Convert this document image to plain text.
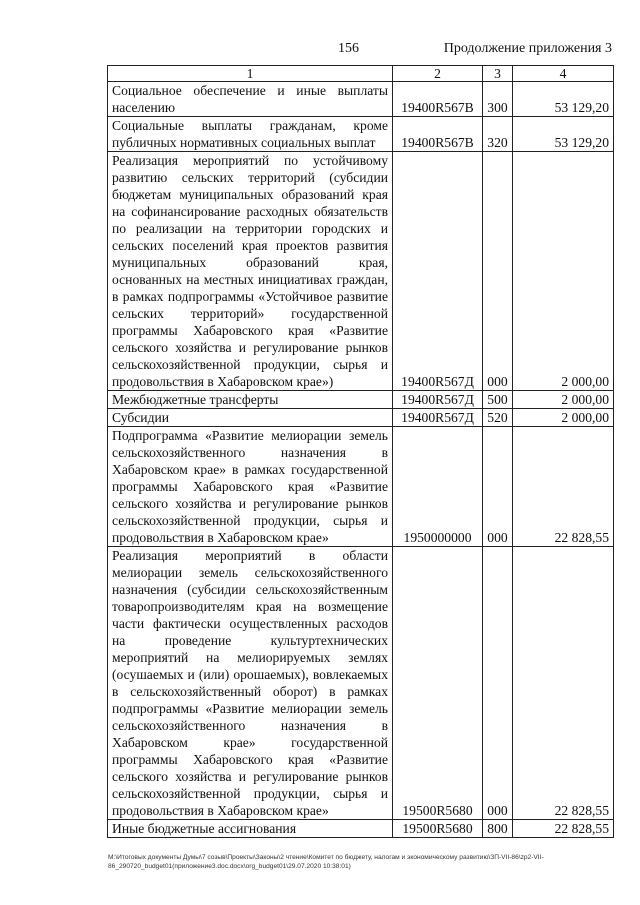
156	Продолжение приложения 3
1	2	3	4
Социальное обеспечение и иные выплаты населению	19400R567В	300	53 129,20
Социальные выплаты гражданам, кроме публичных нормативных социальных выплат	19400R567В	320	53 129,20
Реализация мероприятий по устойчивому развитию сельских территорий (субсидии бюджетам муниципальных образований края на софинансирование расходных обязательств по реализации на территории городских и сельских поселений края проектов развития муниципальных образований края, основанных на местных инициативах граждан, в рамках подпрограммы «Устойчивое развитие сельских территорий» государственной программы Хабаровского края «Развитие сельского хозяйства и регулирование рынков сельскохозяйственной продукции, сырья и продовольствия в Хабаровском крае»)	19400R567Д	000	2 000,00
Межбюджетные трансферты	19400R567Д	500	2 000,00
Субсидии	19400R567Д	520	2 000,00
Подпрограмма «Развитие мелиорации земель сельскохозяйственного назначения в Хабаровском крае» в рамках государственной программы Хабаровского края «Развитие сельского хозяйства и регулирование рынков сельскохозяйственной продукции, сырья и продовольствия в Хабаровском крае»	1950000000	000	22 828,55
Реализация мероприятий в области мелиорации земель сельскохозяйственного назначения (субсидии сельскохозяйственным товаропроизводителям края на возмещение части фактически осуществленных расходов на проведение культуртехнических мероприятий на мелиорируемых землях (осушаемых и (или) орошаемых), вовлекаемых в сельскохозяйственный оборот) в рамках подпрограммы «Развитие мелиорации земель сельскохозяйственного назначения в Хабаровском крае» государственной программы Хабаровского края «Развитие сельского хозяйства и регулирование рынков сельскохозяйственной продукции, сырья и продовольствия в Хабаровском крае»	19500R5680	000	22 828,55
Иные бюджетные ассигнования	19500R5680	800	22 828,55
M:\Итоговых документы Думы\7 созыв\Проекты\Законы\2 чтение\Комитет по бюджету, налогам и экономическому развитию\ЗП-VII-86\zp2-VII-86_290720_budget01(приложение3.doc.docx\org_budget01\29.07.2020 10:38:01)
